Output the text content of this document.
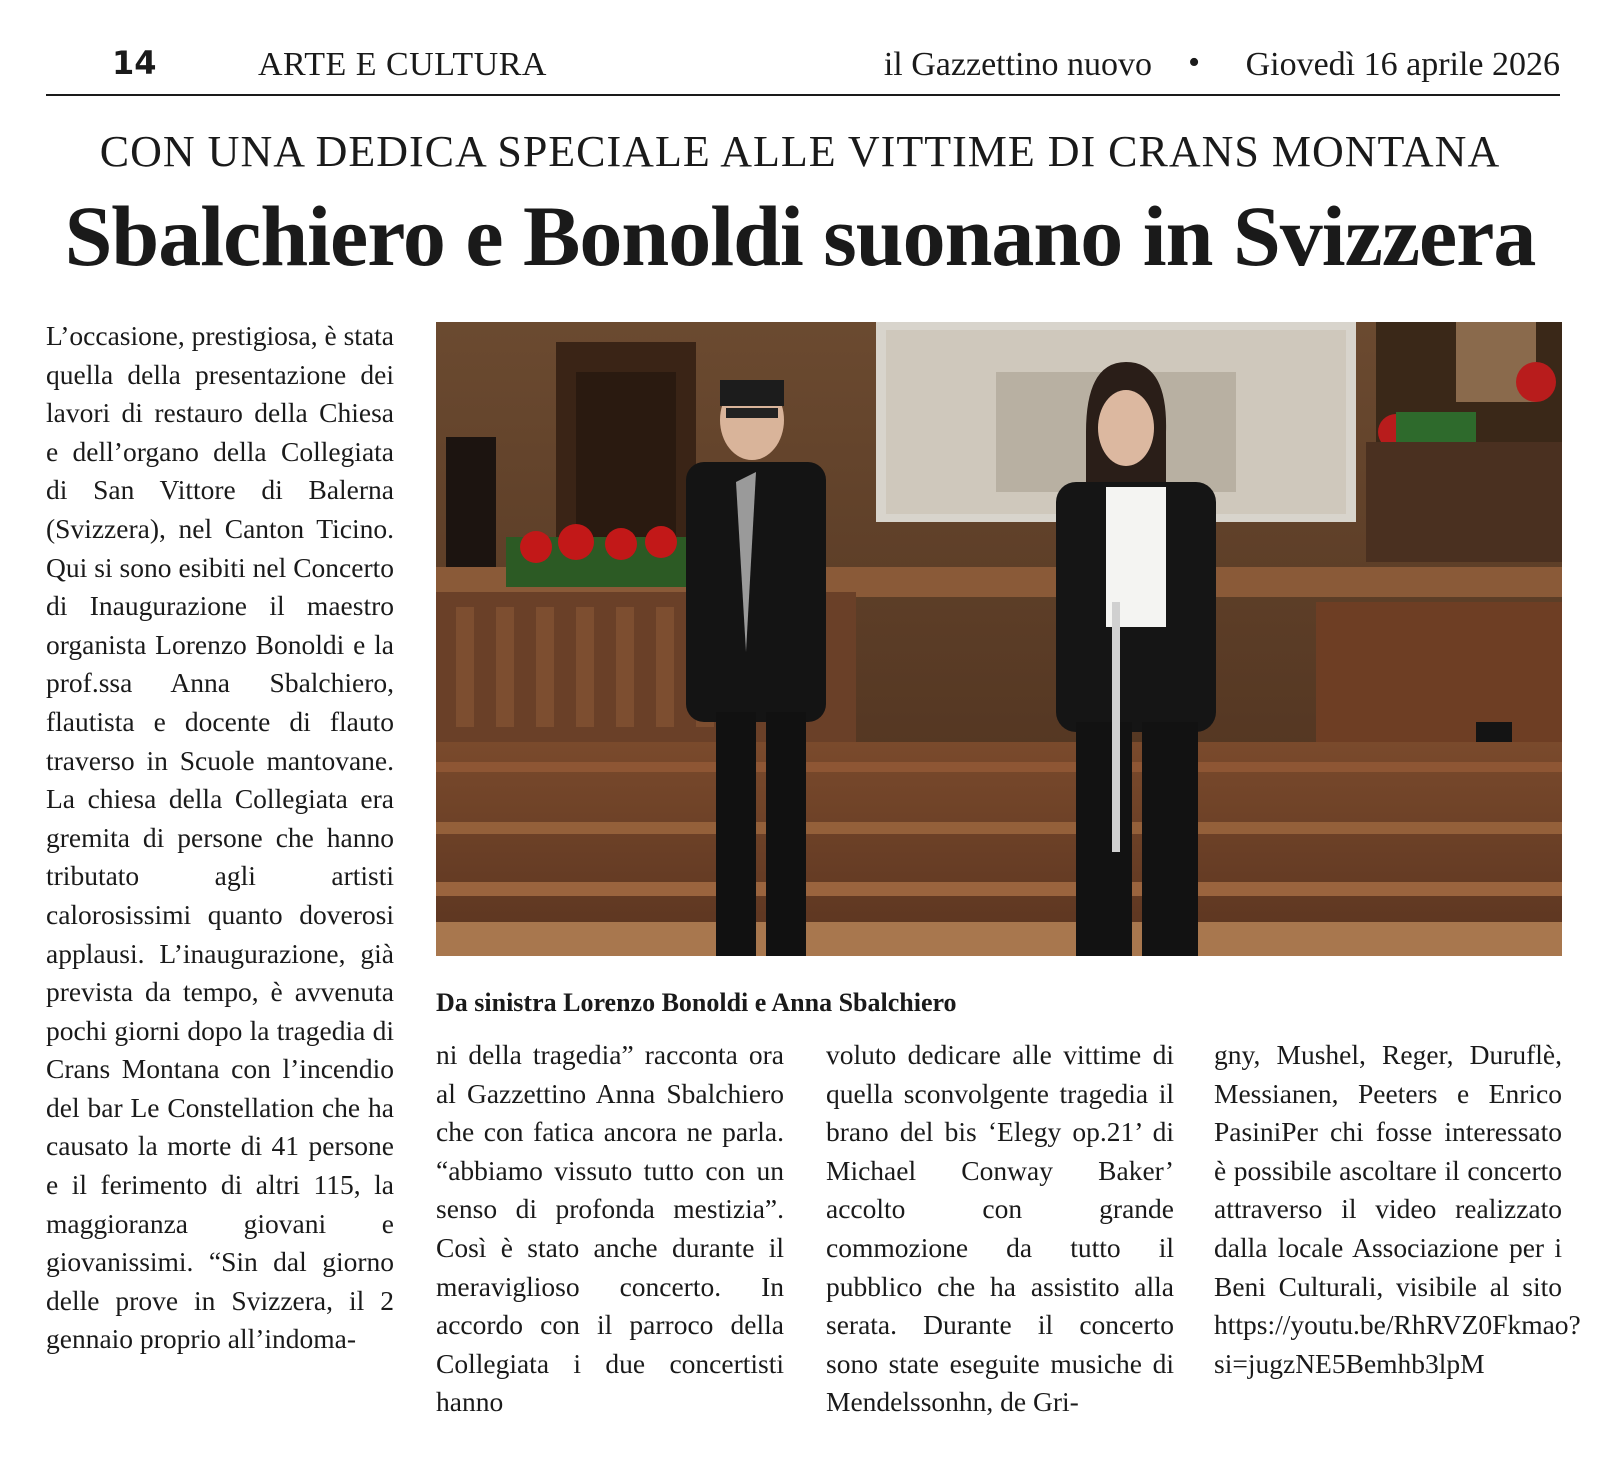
14	ARTE E CULTURA	il Gazzettino nuovo • Giovedì 16 aprile 2026
CON UNA DEDICA SPECIALE ALLE VITTIME DI CRANS MONTANA
Sbalchiero e Bonoldi suonano in Svizzera
L’occasione, prestigiosa, è stata quella della presentazione dei lavori di restauro della Chiesa e dell’organo della Collegiata di San Vittore di Balerna (Svizzera), nel Canton Ticino. Qui si sono esibiti nel Concerto di Inaugurazione il maestro organista Lorenzo Bonoldi e la prof.ssa Anna Sbalchiero, flautista e docente di flauto traverso in Scuole mantovane. La chiesa della Collegiata era gremita di persone che hanno tributato agli artisti calorosissimi quanto doverosi applausi. L’inaugurazione, già prevista da tempo, è avvenuta pochi giorni dopo la tragedia di Crans Montana con l’incendio del bar Le Constellation che ha causato la morte di 41 persone e il ferimento di altri 115, la maggioranza giovani e giovanissimi. “Sin dal giorno delle prove in Svizzera, il 2 gennaio proprio all’indoma-
Da sinistra Lorenzo Bonoldi e Anna Sbalchiero
ni della tragedia” racconta ora al Gazzettino Anna Sbalchiero che con fatica ancora ne parla. “abbiamo vissuto tutto con un senso di profonda mestizia”. Così è stato anche durante il meraviglioso concerto. In accordo con il parroco della Collegiata i due concertisti hanno
voluto dedicare alle vittime di quella sconvolgente tragedia il brano del bis ‘Elegy op.21’ di Michael Conway Baker’ accolto con grande commozione da tutto il pubblico che ha assistito alla serata. Durante il concerto sono state eseguite musiche di Mendelssonhn, de Gri-
gny, Mushel, Reger, Duruflè, Messianen, Peeters e Enrico PasiniPer chi fosse interessato è possibile ascoltare il concerto attraverso il video realizzato dalla locale Associazione per i Beni Culturali, visibile al sito https://youtu.be/RhRVZ0Fkmao?si=jugzNE5Bemhb3lpM
